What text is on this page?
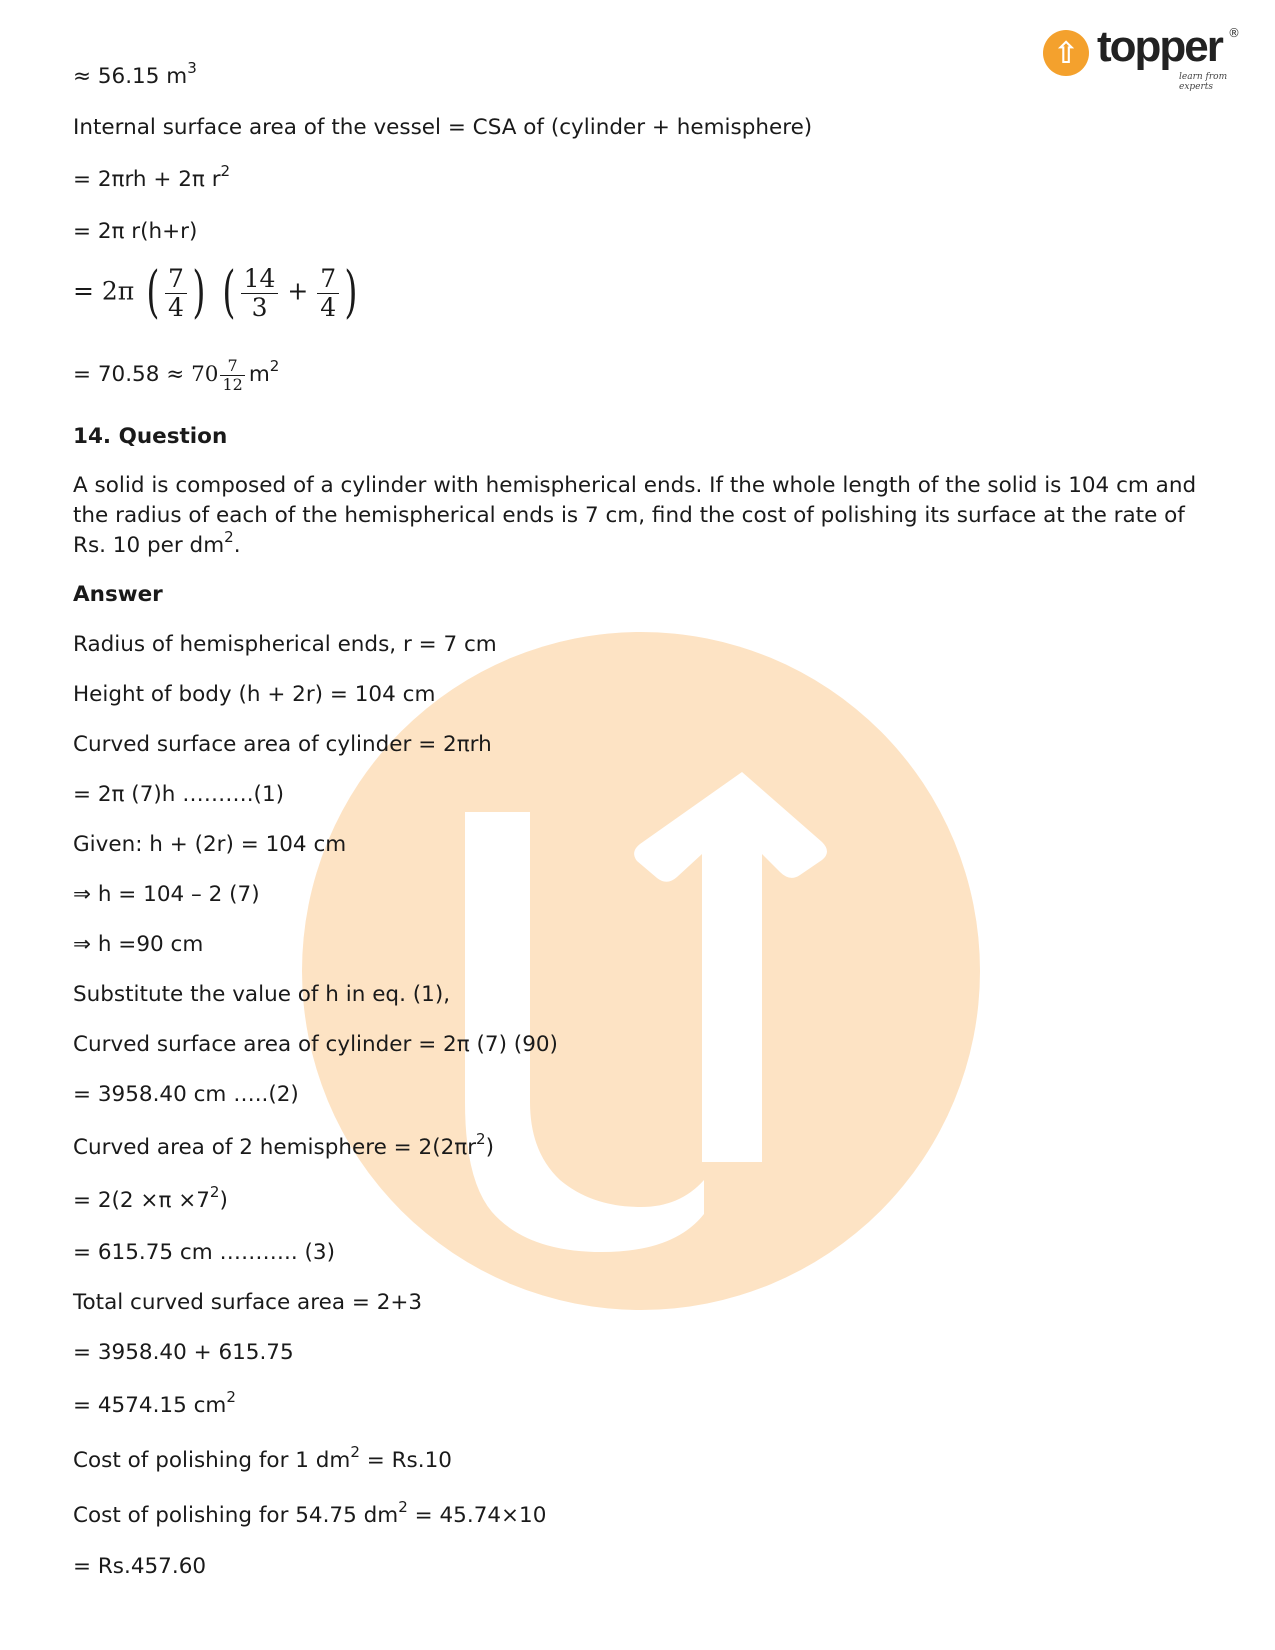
⇧ topper ®
learn from experts
≈ 56.15 $m^3$
Internal surface area of the vessel = CSA of (cylinder + hemisphere)
= 2πrh + 2π $r^2$
= 2π r(h+r)
= 2π ( $\frac{7}{4}$ ) ( $\frac{14}{3} + \frac{7}{4}$ )
= $70.58 \approx 70 \frac{7}{12} m^2$
14. Question
A solid is composed of a cylinder with hemispherical ends. If the whole length of the solid is 104 cm and the radius of each of the hemispherical ends is 7 cm, find the cost of polishing its surface at the rate of Rs. 10 per $dm^2$.
Answer
Radius of hemispherical ends, r = 7 cm
Height of body (h + 2r) = 104 cm
Curved surface area of cylinder = 2πrh
= 2π (7)h ……….(1)
Given: h + (2r) = 104 cm
⇒ h = 104 – 2 (7)
⇒ h =90 cm
Substitute the value of h in eq. (1),
Curved surface area of cylinder = 2π (7) (90)
= 3958.40 cm …..(2)
Curved area of 2 hemisphere = $2(2\pi r^2)$
= $2(2 \times\pi \times 7^2)$
= 615.75 cm ……….. (3)
Total curved surface area = 2+3
= 3958.40 + 615.75
= 4574.15 $cm^2$
Cost of polishing for 1 $dm^2 = Rs.10$
Cost of polishing for 54.75 $dm^2 = 45.74\times 10$
= Rs.457.60
